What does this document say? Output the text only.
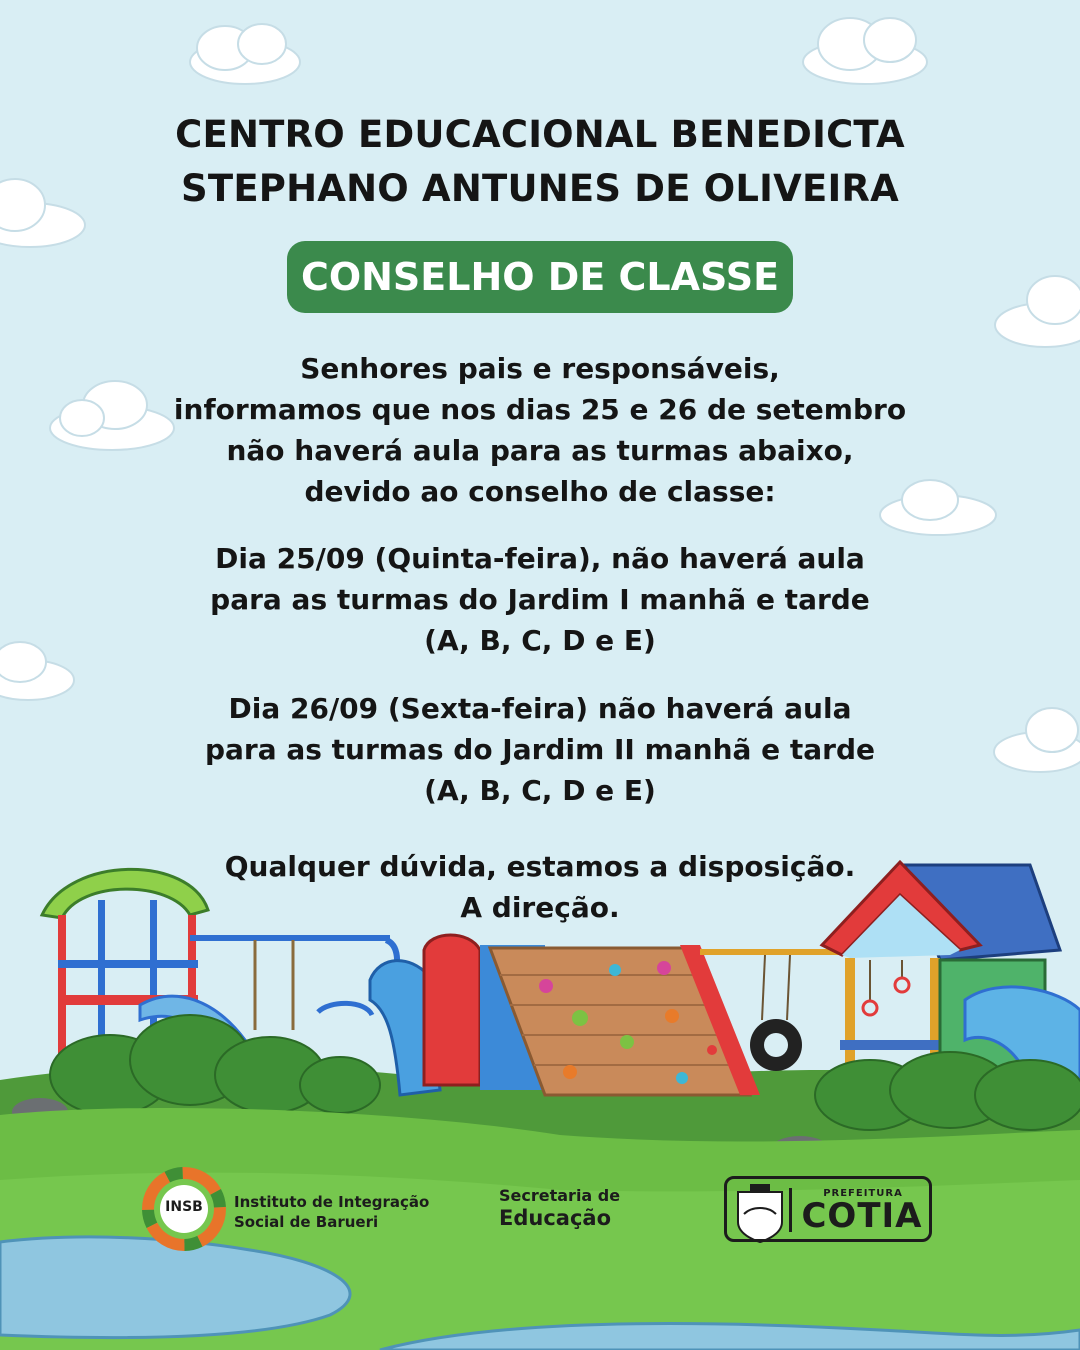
CENTRO EDUCACIONAL BENEDICTA
STEPHANO ANTUNES DE OLIVEIRA
CONSELHO DE CLASSE
Senhores pais e responsáveis,
informamos que nos dias 25 e 26 de setembro
não haverá aula para as turmas abaixo,
devido ao conselho de classe:
Dia 25/09 (Quinta-feira), não haverá aula
para as turmas do Jardim I manhã e tarde
(A, B, C, D e E)
Dia 26/09 (Sexta-feira) não haverá aula
para as turmas do Jardim II manhã e tarde
(A, B, C, D e E)
Qualquer dúvida, estamos a disposição.
A direção.
INSB	Instituto de Integração
Social de Barueri
Secretaria de
Educação
PREFEITURA
COTIA
